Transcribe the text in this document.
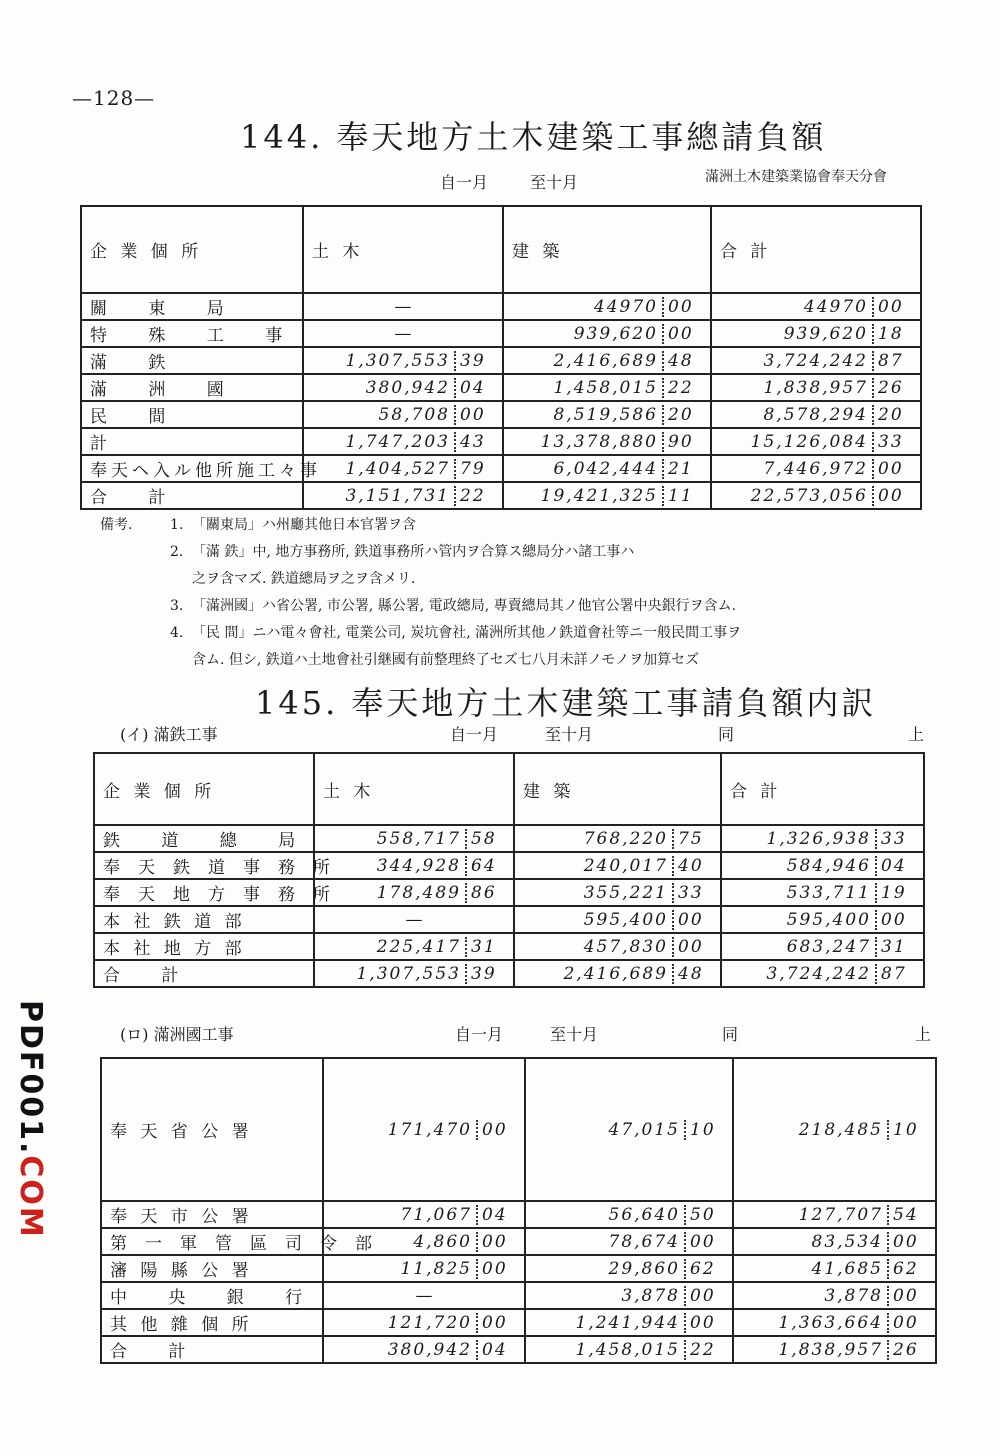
—128—
144. 奉天地方土木建築工事總請負額
自一月	至十月	滿洲土木建築業協會奉天分會
企 業 個 所	土 木	建 築	合 計
關 東 局	—	44970 00	44970 00
特 殊 工 事	—	939,620 00	939,620 18
滿 鉄	1,307,553 39	2,416,689 48	3,724,242 87
滿 洲 國	380,942 04	1,458,015 22	1,838,957 26
民 間	58,708 00	8,519,586 20	8,578,294 20
計	1,747,203 43	13,378,880 90	15,126,084 33
奉天ヘ入ル他所施工々事	1,404,527 79	6,042,444 21	7,446,972 00
合 計	3,151,731 22	19,421,325 11	22,573,056 00
備考.	1. 「關東局」ハ州廳其他日本官署ヲ含
2. 「滿 鉄」中, 地方事務所, 鉄道事務所ハ管内ヲ合算ス總局分ハ諸工事ハ
之ヲ含マズ. 鉄道總局ヲ之ヲ含メリ.
3. 「滿洲國」ハ省公署, 市公署, 縣公署, 電政總局, 專賣總局其ノ他官公署中央銀行ヲ含ム.
4. 「民 間」ニハ電々會社, 電業公司, 炭坑會社, 滿洲所其他ノ鉄道會社等ニ一般民間工事ヲ
含ム. 但シ, 鉄道ハ土地會社引継國有前整理終了セズ七八月未詳ノモノヲ加算セズ
145. 奉天地方土木建築工事請負額内訳
(イ) 滿鉄工事	自一月	至十月	同	上
企 業 個 所	土 木	建 築	合 計
鉄 道 總 局	558,717 58	768,220 75	1,326,938 33
奉天鉄道事務所	344,928 64	240,017 40	584,946 04
奉天地方事務所	178,489 86	355,221 33	533,711 19
本 社 鉄 道 部	—	595,400 00	595,400 00
本 社 地 方 部	225,417 31	457,830 00	683,247 31
合 計	1,307,553 39	2,416,689 48	3,724,242 87
(ロ) 滿洲國工事	自一月	至十月	同	上
奉 天 省 公 署	171,470 00	47,015 10	218,485 10
奉 天 市 公 署	71,067 04	56,640 50	127,707 54
第一軍管區司令部	4,860 00	78,674 00	83,534 00
瀋 陽 縣 公 署	11,825 00	29,860 62	41,685 62
中 央 銀 行	—	3,878 00	3,878 00
其 他 雜 個 所	121,720 00	1,241,944 00	1,363,664 00
合 計	380,942 04	1,458,015 22	1,838,957 26
PDF001.COM
